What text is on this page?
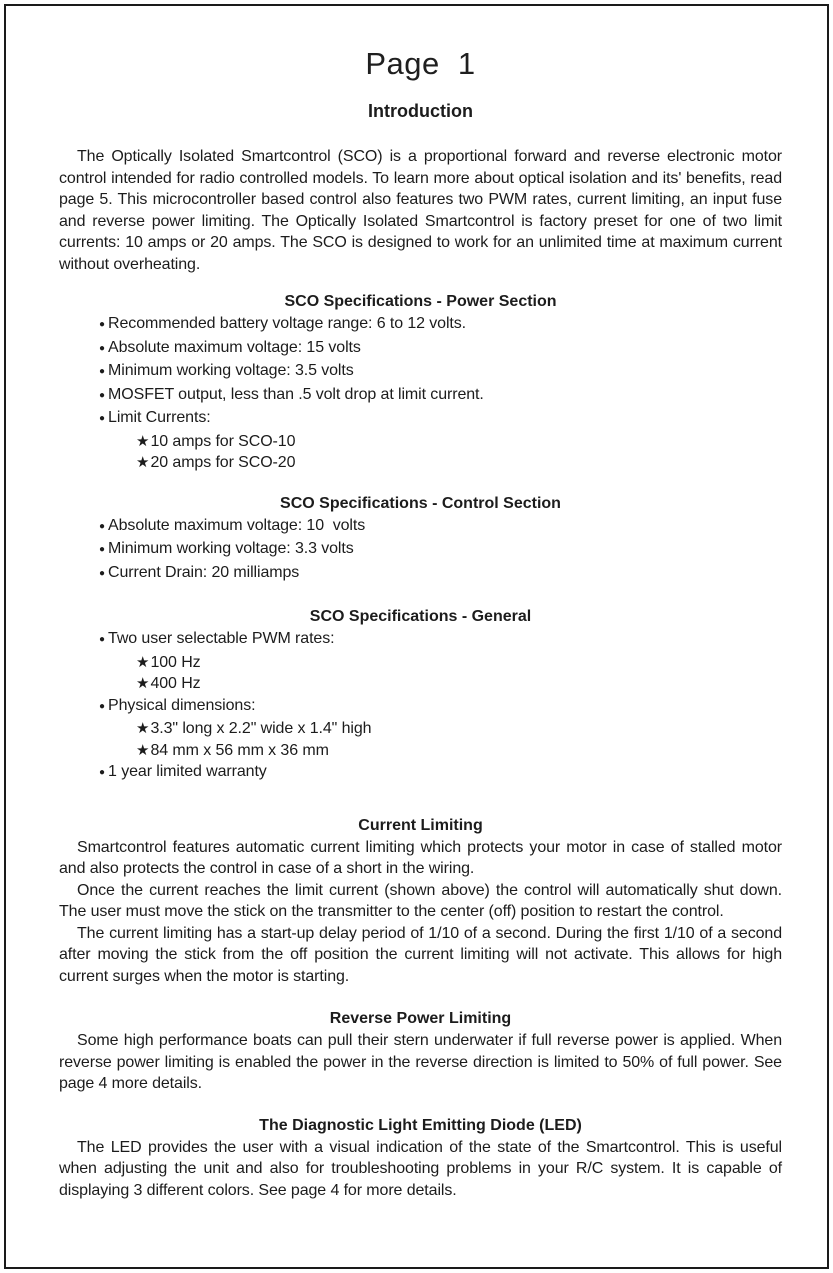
Page  1
Introduction

The Optically Isolated Smartcontrol (SCO) is a proportional forward and reverse electronic motor control intended for radio controlled models. To learn more about optical isolation and its' benefits, read page 5. This microcontroller based control also features two PWM rates, current limiting, an input fuse and reverse power limiting. The Optically Isolated Smartcontrol is factory preset for one of two limit currents: 10 amps or 20 amps. The SCO is designed to work for an unlimited time at maximum current without overheating.

SCO Specifications - Power Section
● Recommended battery voltage range: 6 to 12 volts.
● Absolute maximum voltage: 15 volts
● Minimum working voltage: 3.5 volts
● MOSFET output, less than .5 volt drop at limit current.
● Limit Currents:
★ 10 amps for SCO-10
★ 20 amps for SCO-20
SCO Specifications - Control Section
● Absolute maximum voltage: 10  volts
● Minimum working voltage: 3.3 volts
● Current Drain: 20 milliamps
SCO Specifications - General
● Two user selectable PWM rates:
★ 100 Hz
★ 400 Hz
● Physical dimensions:
★ 3.3" long x 2.2" wide x 1.4" high
★ 84 mm x 56 mm x 36 mm
● 1 year limited warranty
Current Limiting

Smartcontrol features automatic current limiting which protects your motor in case of stalled motor and also protects the control in case of a short in the wiring.

Once the current reaches the limit current (shown above) the control will automatically shut down. The user must move the stick on the transmitter to the center (off) position to restart the control.

The current limiting has a start-up delay period of 1/10 of a second. During the first 1/10 of a second after moving the stick from the off position the current limiting will not activate. This allows for high current surges when the motor is starting.

Reverse Power Limiting

Some high performance boats can pull their stern underwater if full reverse power is applied. When reverse power limiting is enabled the power in the reverse direction is limited to 50% of full power. See page 4 more details.

The Diagnostic Light Emitting Diode (LED)

The LED provides the user with a visual indication of the state of the Smartcontrol. This is useful when adjusting the unit and also for troubleshooting problems in your R/C system. It is capable of displaying 3 different colors. See page 4 for more details.
